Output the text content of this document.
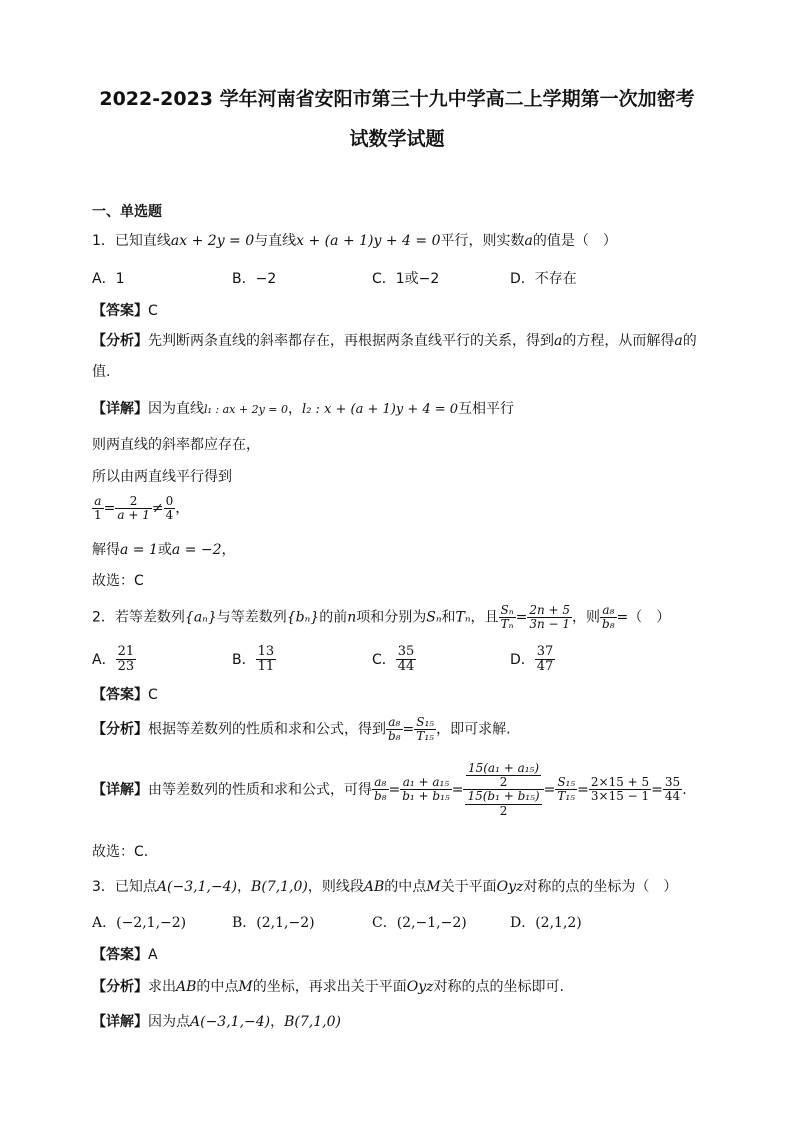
2022-2023 学年河南省安阳市第三十九中学高二上学期第一次加密考
试数学试题
一、单选题
1．已知直线ax + 2y = 0与直线x + (a + 1)y + 4 = 0平行，则实数a的值是（　）
A．1	B．−2	C．1或−2	D．不存在
【答案】C
【分析】先判断两条直线的斜率都存在，再根据两条直线平行的关系，得到a的方程，从而解得a的
值.
【详解】因为直线l₁ : ax + 2y = 0，l₂ : x + (a + 1)y + 4 = 0互相平行
则两直线的斜率都应存在，
所以由两直线平行得到
$\frac{a}{1} = \frac{2}{a + 1} \ne \frac{0}{4}$ ，
解得a = 1或a = −2，
故选：C
2．若等差数列{aₙ}与等差数列{bₙ}的前n项和分别为Sₙ和Tₙ，且 $\frac{\text{Sₙ}}{\text{Tₙ}} = \frac{2n + 5}{3n - 1}$ ，则 $\frac{\text{a₈}}{\text{b₈}}$ =（　）
A． $\frac{21}{23}$	B． $\frac{13}{11}$	C． $\frac{35}{44}$	D． $\frac{37}{47}$
【答案】C
【分析】根据等差数列的性质和求和公式，得到 $\frac{\text{a₈}}{\text{b₈}} = \frac{\text{S₁₅}}{\text{T₁₅}}$ ，即可求解.
【详解】由等差数列的性质和求和公式，可得 $\frac{\text{a₈}}{\text{b₈}} = \frac{\text{a₁ + a₁₅}}{\text{b₁ + b₁₅}} = \frac{\frac{\text{15(a₁ + a₁₅)}}{2}}{\frac{\text{15(b₁ + b₁₅)}}{2}} = \frac{\text{S₁₅}}{\text{T₁₅}} = \frac{2\times 15 + 5}{3\times 15 - 1} = \frac{35}{44}$ .
故选：C.
3．已知点A(−3,1,−4)，B(7,1,0)，则线段AB的中点M关于平面Oyz对称的点的坐标为（　）
A．(−2,1,−2)	B．(2,1,−2)	C．(2,−1,−2)	D．(2,1,2)
【答案】A
【分析】求出AB的中点M的坐标，再求出关于平面Oyz对称的点的坐标即可.
【详解】因为点A(−3,1,−4)，B(7,1,0)
